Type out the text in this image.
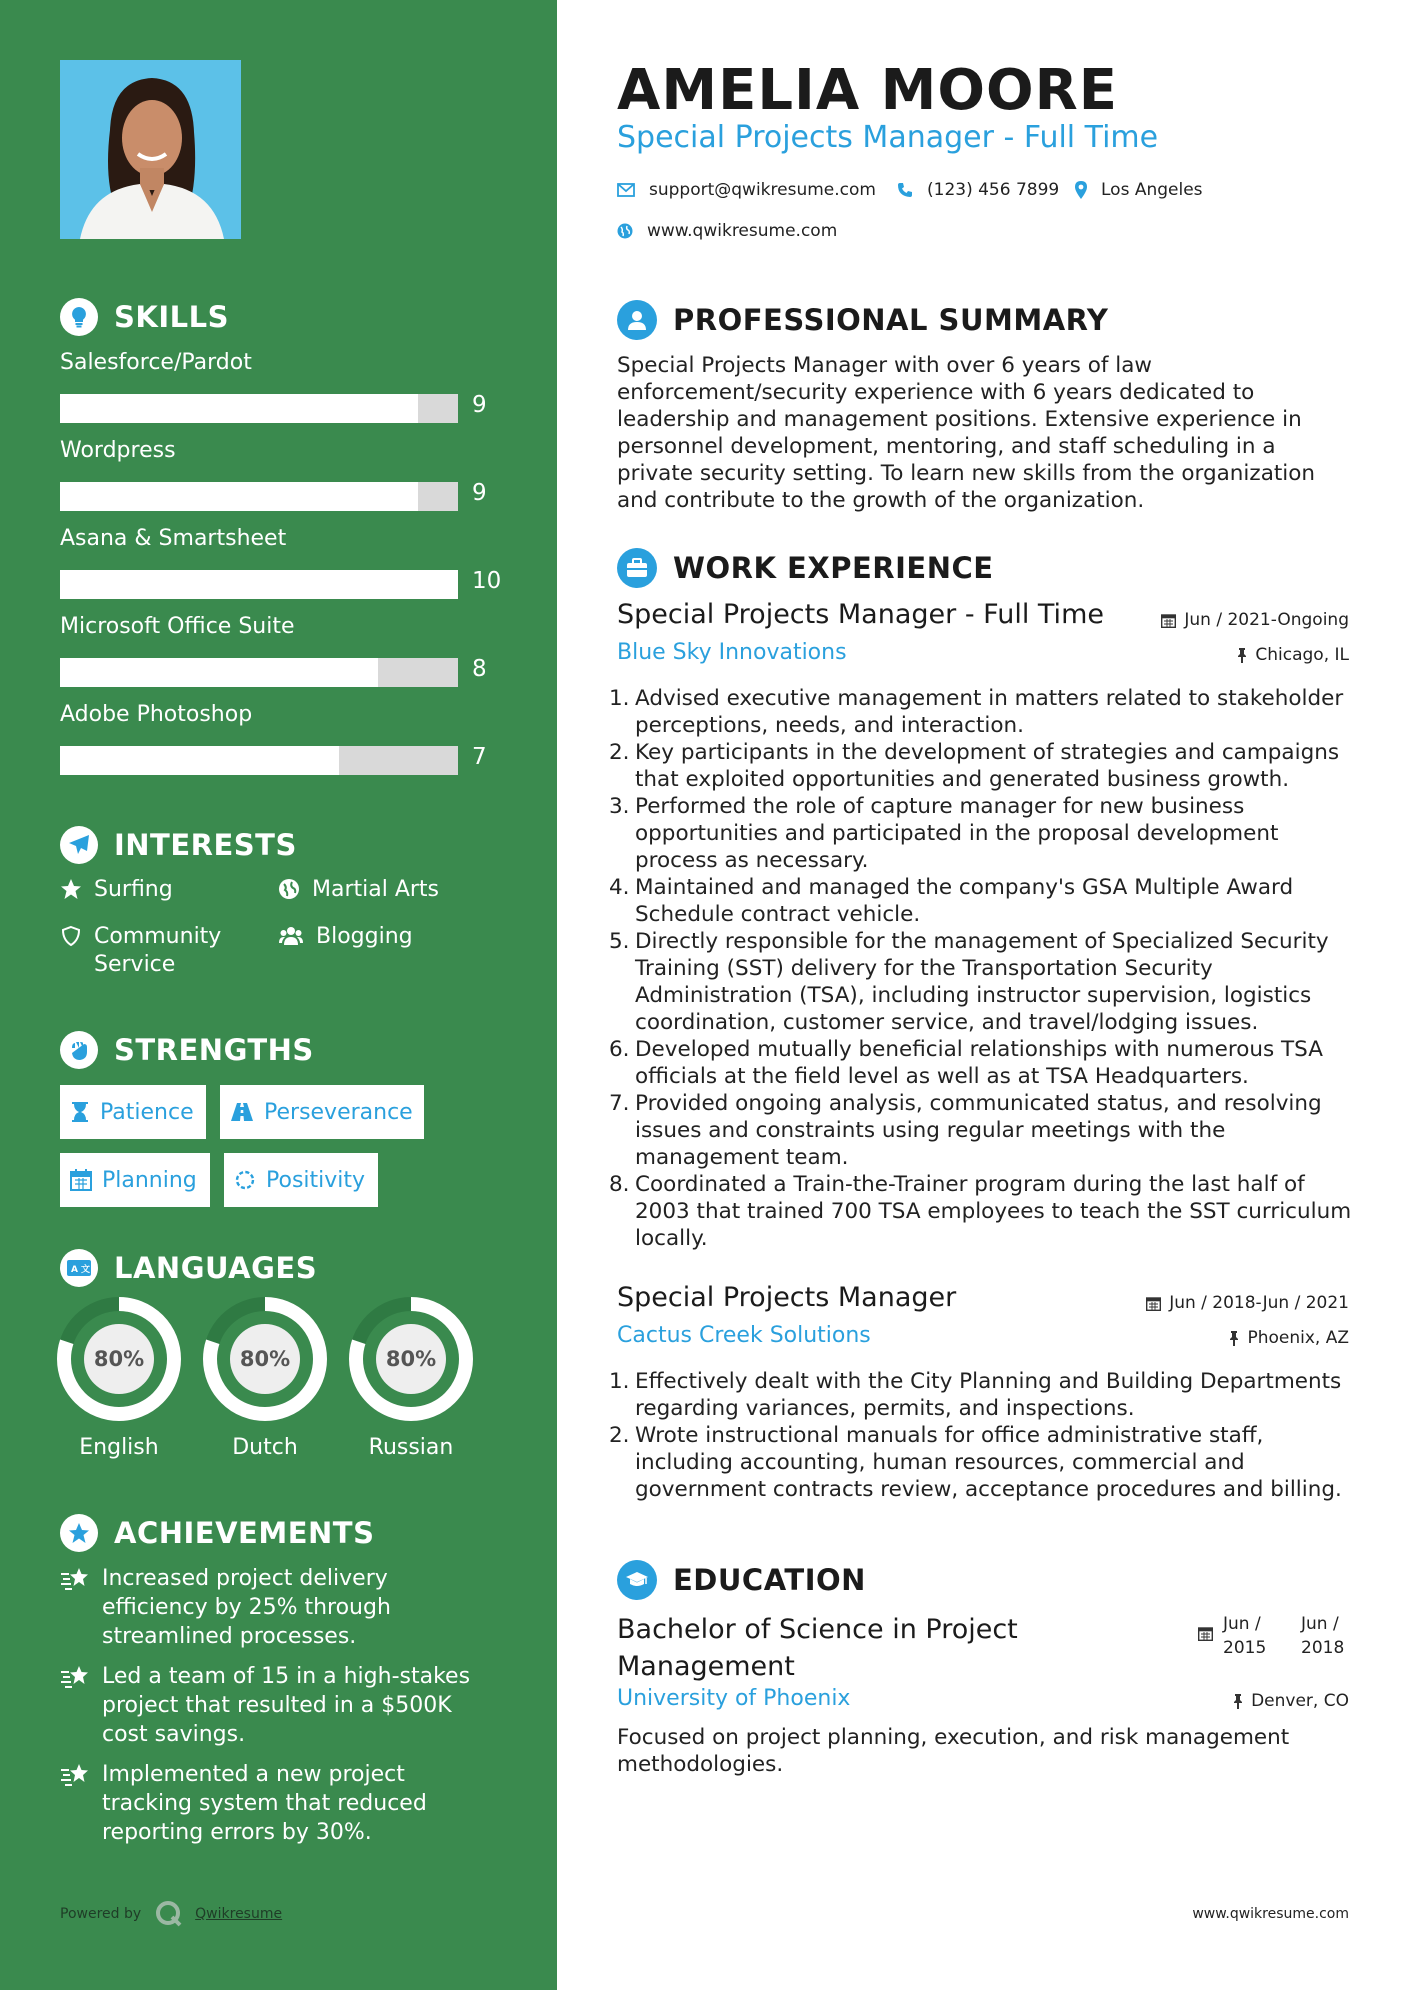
SKILLS
Salesforce/Pardot
9
Wordpress
9
Asana & Smartsheet
10
Microsoft Office Suite
8
Adobe Photoshop
7
INTERESTS
Surfing	Martial Arts
Community Service
Blogging
STRENGTHS
Patience	Perseverance
Planning	Positivity
A 文 LANGUAGES
80%
English
80%
Dutch
80%
Russian
ACHIEVEMENTS
Increased project delivery efficiency by 25% through streamlined processes.
Led a team of 15 in a high-stakes project that resulted in a $500K cost savings.
Implemented a new project tracking system that reduced reporting errors by 30%.
Powered by	Qwikresume
AMELIA MOORE
Special Projects Manager - Full Time
support@qwikresume.com	(123) 456 7899 Los Angeles
www.qwikresume.com
PROFESSIONAL SUMMARY
Special Projects Manager with over 6 years of law enforcement/security experience with 6 years dedicated to leadership and management positions. Extensive experience in personnel development, mentoring, and staff scheduling in a private security setting. To learn new skills from the organization and contribute to the growth of the organization.
WORK EXPERIENCE
Special Projects Manager - Full Time	Jun / 2021-Ongoing
Blue Sky Innovations	Chicago, IL
1. Advised executive management in matters related to stakeholder perceptions, needs, and interaction.
2. Key participants in the development of strategies and campaigns that exploited opportunities and generated business growth.
3. Performed the role of capture manager for new business opportunities and participated in the proposal development process as necessary.
4. Maintained and managed the company's GSA Multiple Award Schedule contract vehicle.
5. Directly responsible for the management of Specialized Security Training (SST) delivery for the Transportation Security Administration (TSA), including instructor supervision, logistics coordination, customer service, and travel/lodging issues.
6. Developed mutually beneficial relationships with numerous TSA officials at the field level as well as at TSA Headquarters.
7. Provided ongoing analysis, communicated status, and resolving issues and constraints using regular meetings with the management team.
8. Coordinated a Train-the-Trainer program during the last half of 2003 that trained 700 TSA employees to teach the SST curriculum locally.
Special Projects Manager	Jun / 2018-Jun / 2021
Cactus Creek Solutions	Phoenix, AZ
1. Effectively dealt with the City Planning and Building Departments regarding variances, permits, and inspections.
2. Wrote instructional manuals for office administrative staff, including accounting, human resources, commercial and government contracts review, acceptance procedures and billing.
EDUCATION
Bachelor of Science in Project Management
Jun /
2015
Jun /
2018
University of Phoenix	Denver, CO
Focused on project planning, execution, and risk management methodologies.
www.qwikresume.com
